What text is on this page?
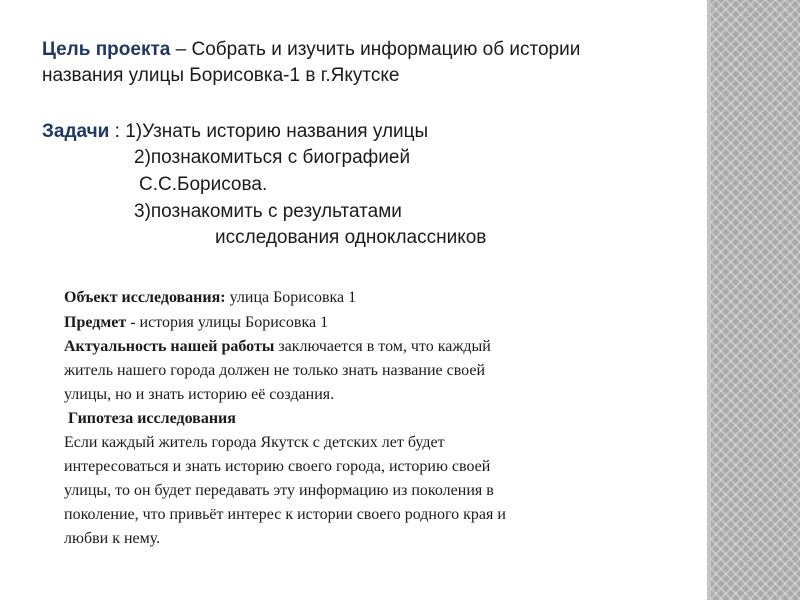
Цель проекта – Собрать и изучить информацию об истории
названия улицы Борисовка-1 в г.Якутске
Задачи : 1)Узнать историю названия улицы
2)познакомиться с биографией
С.С.Борисова.
3)познакомить с результатами
исследования одноклассников
Объект исследования: улица Борисовка 1
Предмет - история улицы Борисовка 1
Актуальность нашей работы заключается в том, что каждый
житель нашего города должен не только знать название своей
улицы, но и знать историю её создания.
Гипотеза исследования
Если каждый житель города Якутск с детских лет будет
интересоваться и знать историю своего города, историю своей
улицы, то он будет передавать эту информацию из поколения в
поколение, что привьёт интерес к истории своего родного края и
любви к нему.
